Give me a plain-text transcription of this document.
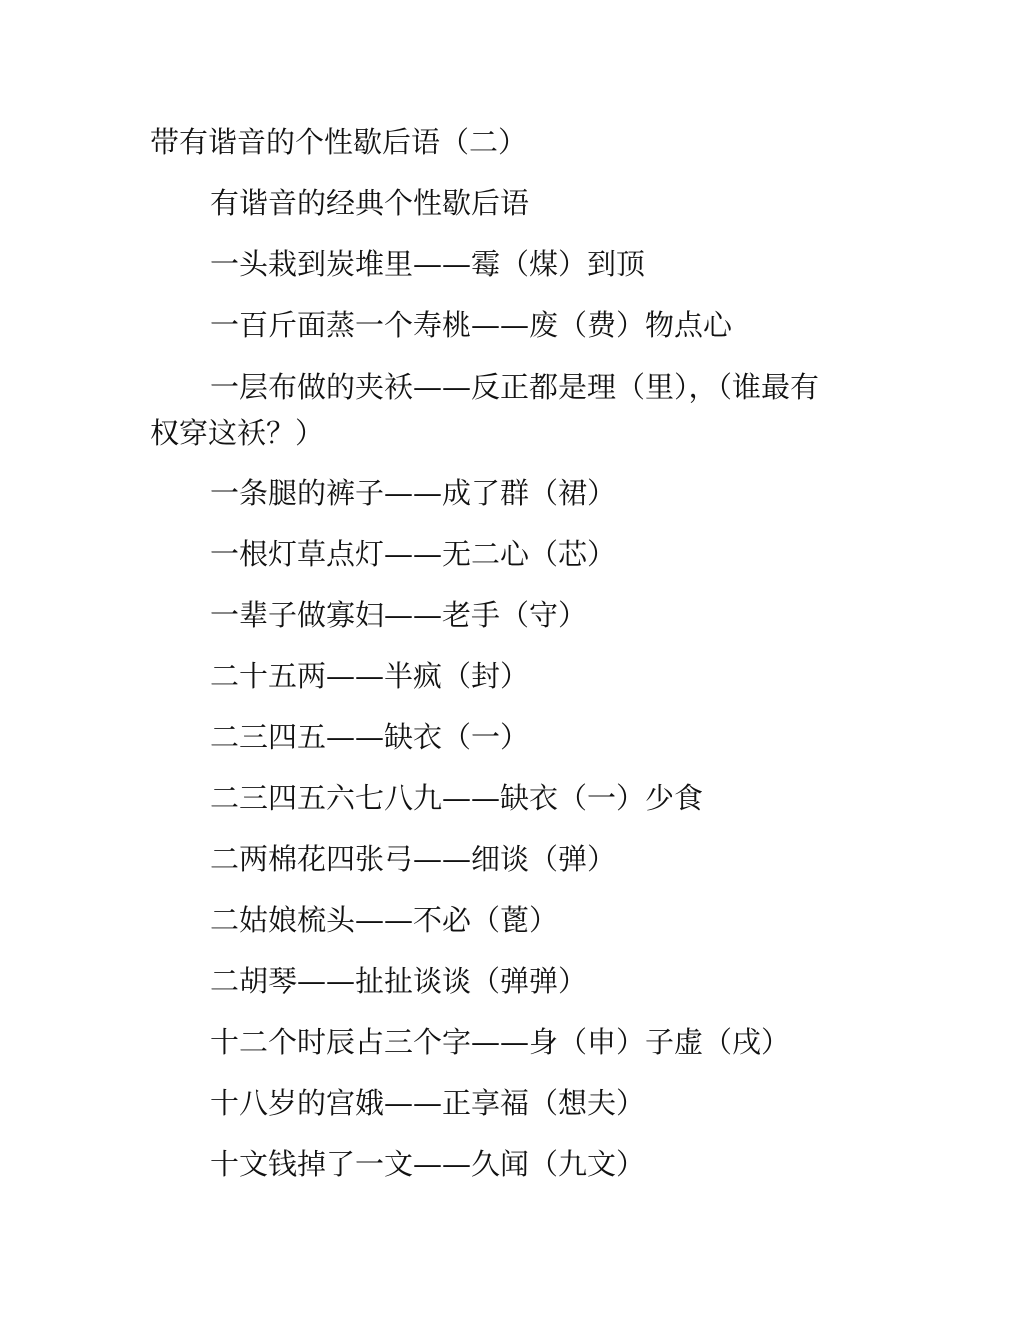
带有谐音的个性歇后语（二）

有谐音的经典个性歇后语

一头栽到炭堆里——霉（煤）到顶

一百斤面蒸一个寿桃——废（费）物点心

一层布做的夹袄——反正都是理（里），（谁最有

权穿这袄？）

一条腿的裤子——成了群（裙）

一根灯草点灯——无二心（芯）

一辈子做寡妇——老手（守）

二十五两——半疯（封）

二三四五——缺衣（一）

二三四五六七八九——缺衣（一）少食

二两棉花四张弓——细谈（弹）

二姑娘梳头——不必（蓖）

二胡琴——扯扯谈谈（弹弹）

十二个时辰占三个字——身（申）子虚（戌）

十八岁的宫娥——正享福（想夫）

十文钱掉了一文——久闻（九文）
